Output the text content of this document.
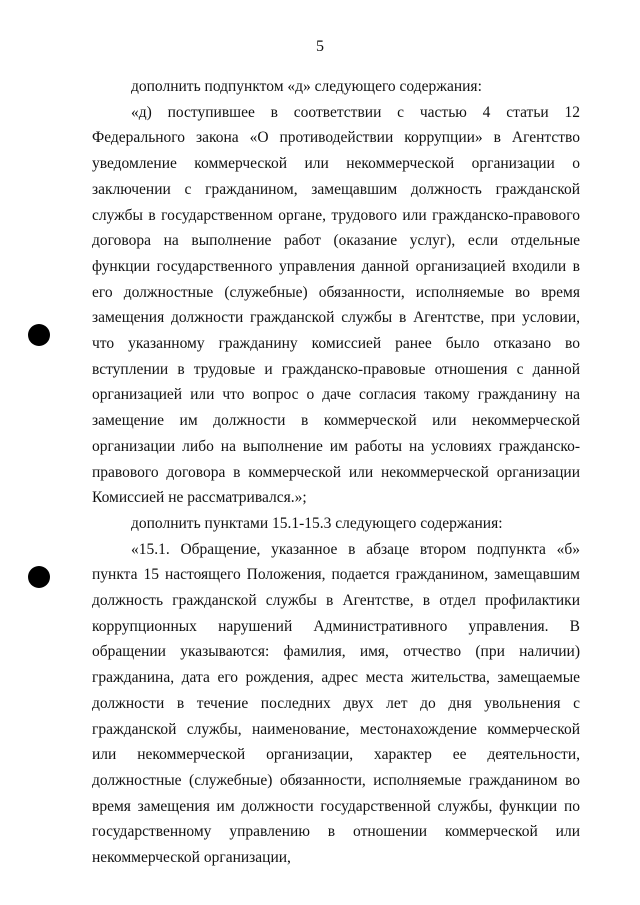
5

дополнить подпунктом «д» следующего содержания:

«д) поступившее в соответствии с частью 4 статьи 12 Федерального закона «О противодействии коррупции» в Агентство уведомление коммерческой или некоммерческой организации о заключении с гражданином, замещавшим должность гражданской службы в государственном органе, трудового или гражданско-правового договора на выполнение работ (оказание услуг), если отдельные функции государственного управления данной организацией входили в его должностные (служебные) обязанности, исполняемые во время замещения должности гражданской службы в Агентстве, при условии, что указанному гражданину комиссией ранее было отказано во вступлении в трудовые и гражданско-правовые отношения с данной организацией или что вопрос о даче согласия такому гражданину на замещение им должности в коммерческой или некоммерческой организации либо на выполнение им работы на условиях гражданско-правового договора в коммерческой или некоммерческой организации Комиссией не рассматривался.»;

дополнить пунктами 15.1-15.3 следующего содержания:

«15.1. Обращение, указанное в абзаце втором подпункта «б» пункта 15 настоящего Положения, подается гражданином, замещавшим должность гражданской службы в Агентстве, в отдел профилактики коррупционных нарушений Административного управления. В обращении указываются: фамилия, имя, отчество (при наличии) гражданина, дата его рождения, адрес места жительства, замещаемые должности в течение последних двух лет до дня увольнения с гражданской службы, наименование, местонахождение коммерческой или некоммерческой организации, характер ее деятельности, должностные (служебные) обязанности, исполняемые гражданином во время замещения им должности государственной службы, функции по государственному управлению в отношении коммерческой или некоммерческой организации,
